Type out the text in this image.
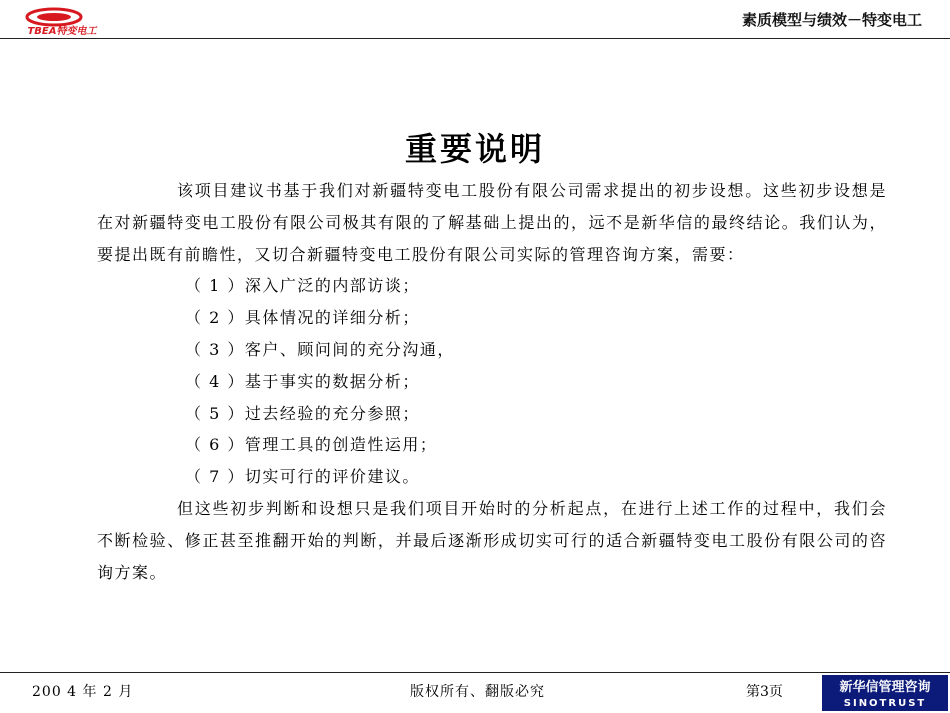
TBEA特变电工
素质模型与绩效－特变电工
重要说明

该项目建议书基于我们对新疆特变电工股份有限公司需求提出的初步设想。这些初步设想是在对新疆特变电工股份有限公司极其有限的了解基础上提出的，远不是新华信的最终结论。我们认为，要提出既有前瞻性，又切合新疆特变电工股份有限公司实际的管理咨询方案，需要：

（ 1 ）深入广泛的内部访谈；
（ 2 ）具体情况的详细分析；
（ 3 ）客户、顾问间的充分沟通，
（ 4 ）基于事实的数据分析；
（ 5 ）过去经验的充分参照；
（ 6 ）管理工具的创造性运用；
（ 7 ）切实可行的评价建议。

但这些初步判断和设想只是我们项目开始时的分析起点，在进行上述工作的过程中，我们会不断检验、修正甚至推翻开始的判断，并最后逐渐形成切实可行的适合新疆特变电工股份有限公司的咨询方案。

200 4 年 2 月	版权所有、翻版必究	第3页	新华信管理咨询
SINOTRUST
